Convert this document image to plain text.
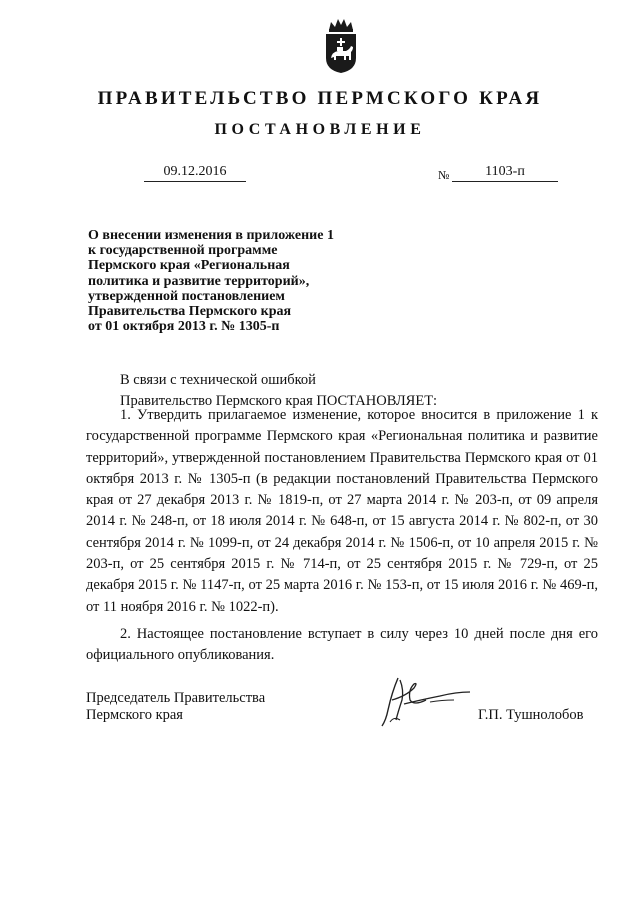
ПРАВИТЕЛЬСТВО ПЕРМСКОГО КРАЯ
ПОСТАНОВЛЕНИЕ
09.12.2016	№	1103-п
О внесении изменения в приложение 1
к государственной программе
Пермского края «Региональная
политика и развитие территорий»,
утвержденной постановлением
Правительства Пермского края
от 01 октября 2013 г. № 1305-п
В связи с технической ошибкой
Правительство Пермского края ПОСТАНОВЛЯЕТ:

1. Утвердить прилагаемое изменение, которое вносится в приложение 1 к государственной программе Пермского края «Региональная политика и развитие территорий», утвержденной постановлением Правительства Пермского края от 01 октября 2013 г. № 1305-п (в редакции постановлений Правительства Пермского края от 27 декабря 2013 г. № 1819-п, от 27 марта 2014 г. № 203-п, от 09 апреля 2014 г. № 248-п, от 18 июля 2014 г. № 648-п, от 15 августа 2014 г. № 802-п, от 30 сентября 2014 г. № 1099-п, от 24 декабря 2014 г. № 1506-п, от 10 апреля 2015 г. № 203-п, от 25 сентября 2015 г. № 714-п, от 25 сентября 2015 г. № 729-п, от 25 декабря 2015 г. № 1147-п, от 25 марта 2016 г. № 153-п, от 15 июля 2016 г. № 469-п, от 11 ноября 2016 г. № 1022-п).

2. Настоящее постановление вступает в силу через 10 дней после дня его официального опубликования.

Председатель Правительства
Пермского края	Г.П. Тушнолобов
